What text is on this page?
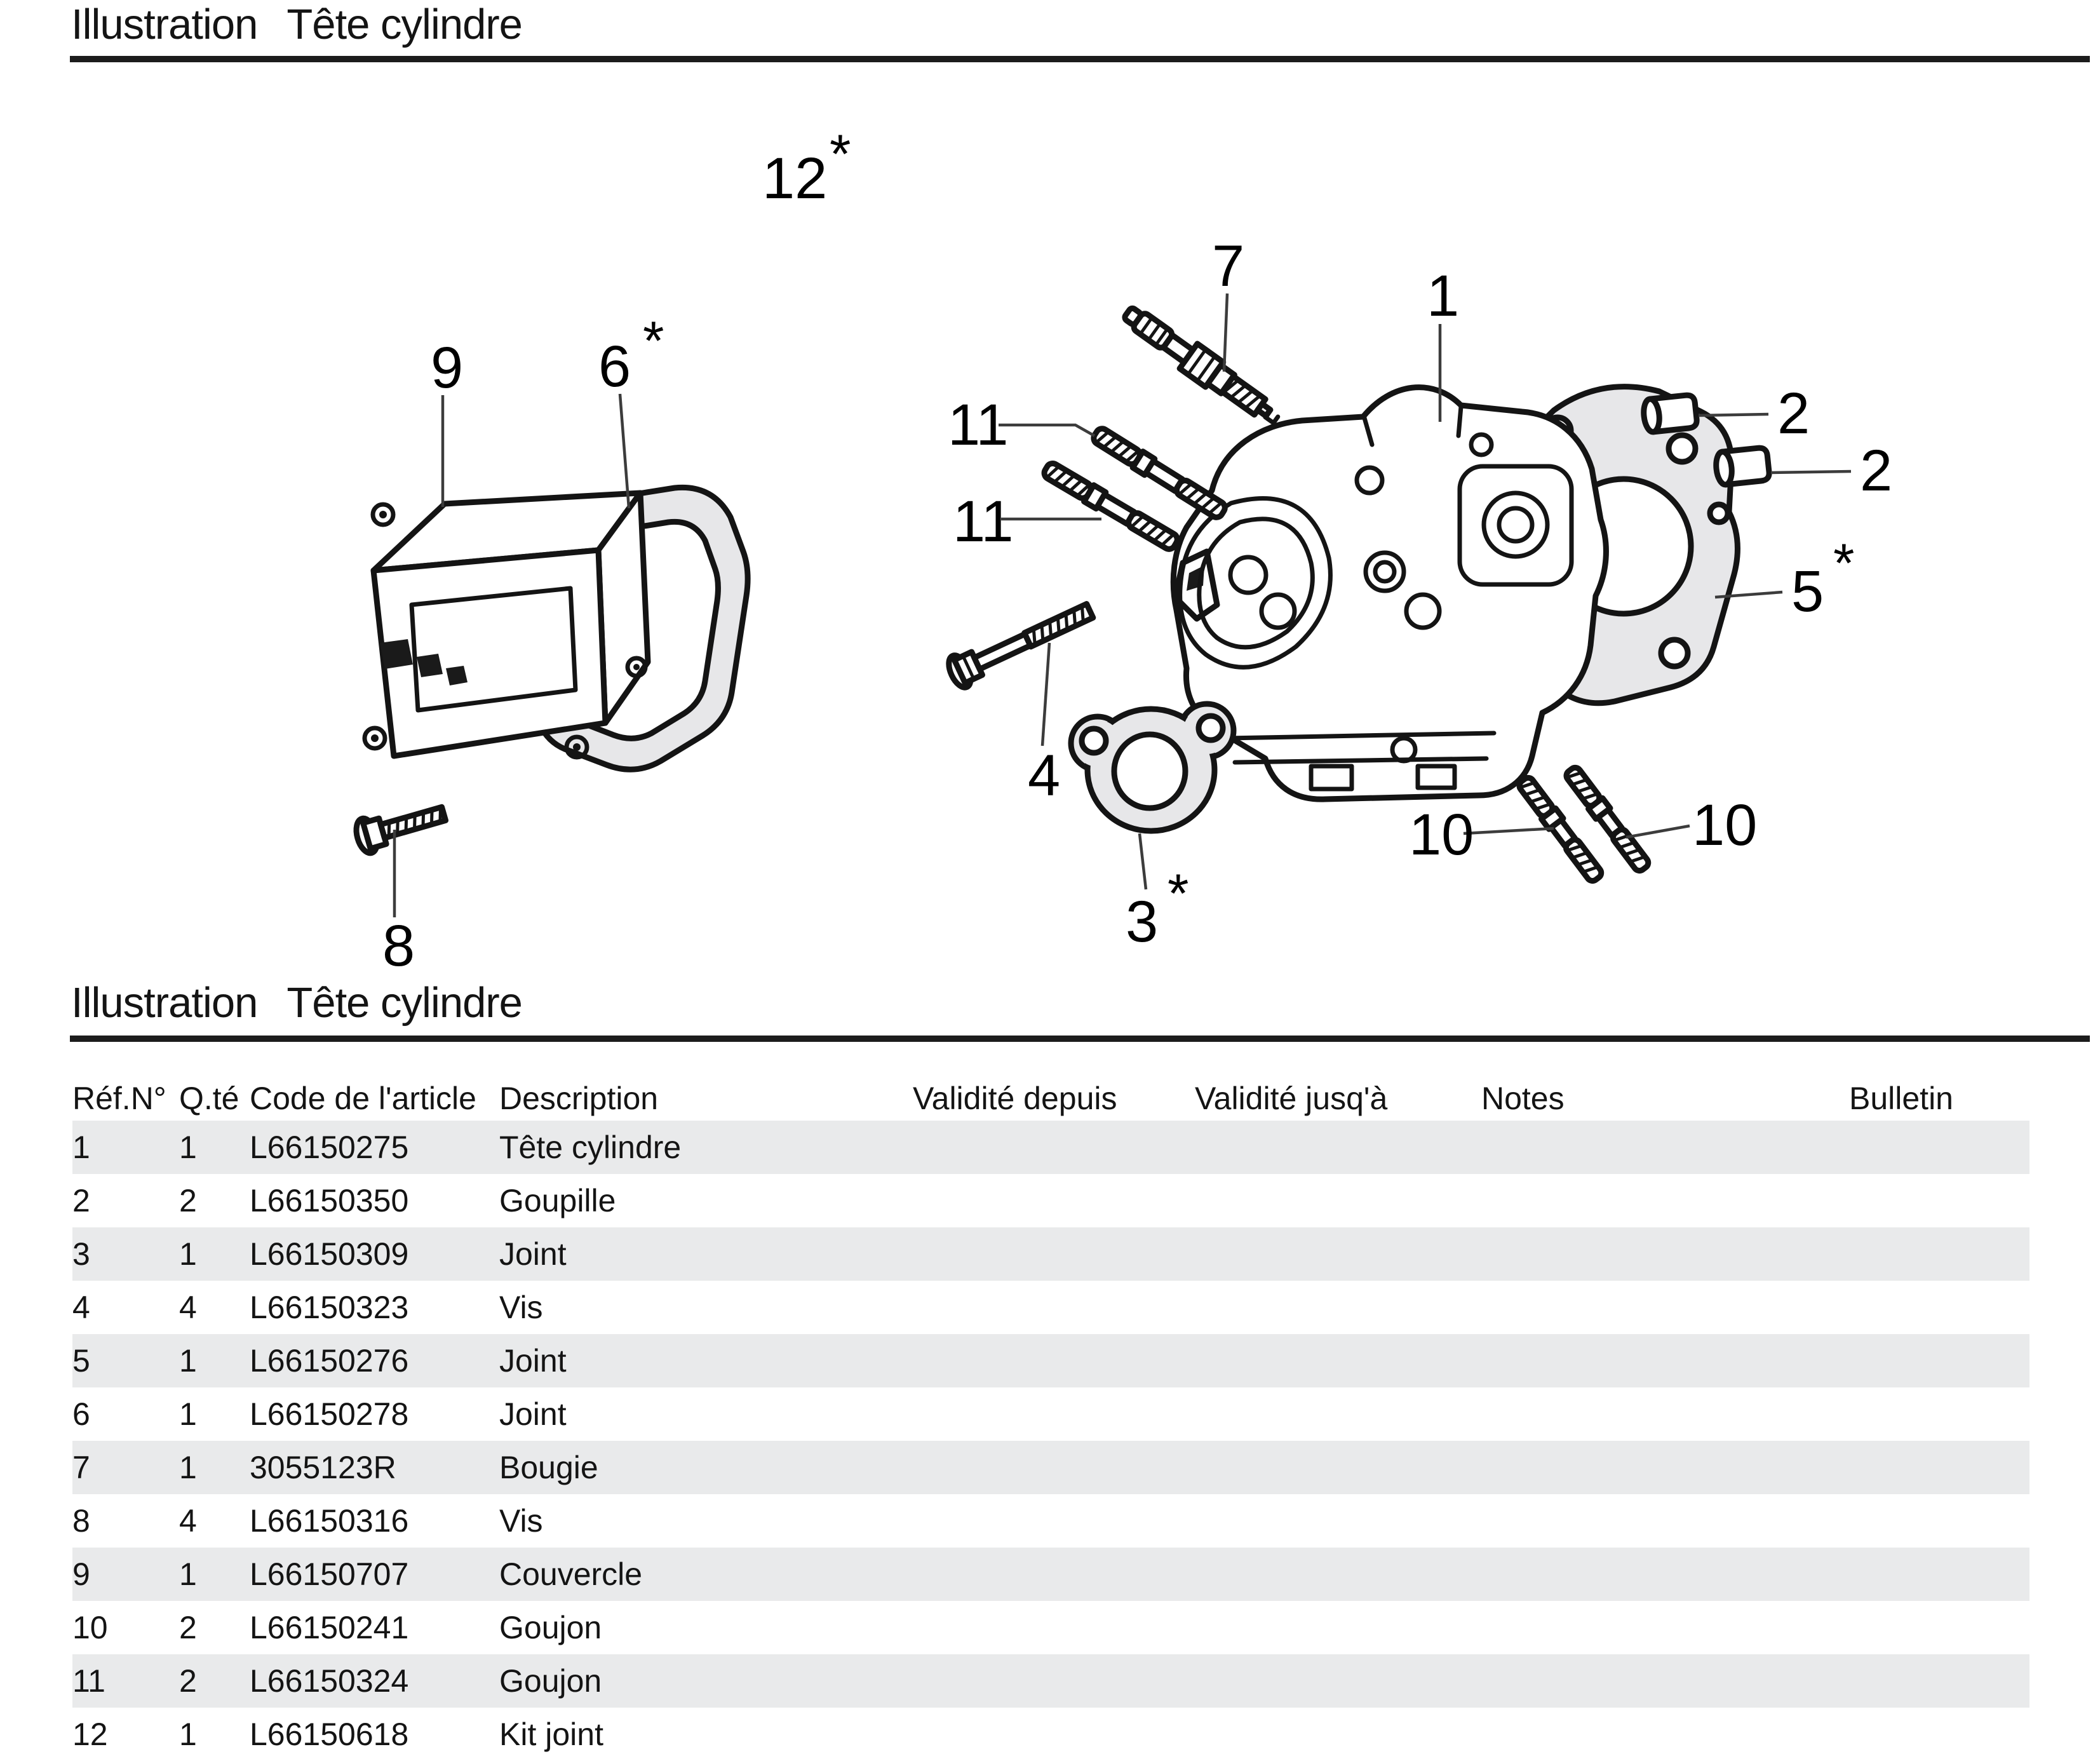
Illustration Tête cylindre
12 *
9 6 *
7	1
2
2
5 *
11
11
4
3 *
8
10	10
Illustration Tête cylindre
Réf.N°	Q.té	Code de l'article	Description	Validité depuis	Validité jusq'à	Notes	Bulletin
1	1	L66150275	Tête cylindre				
2	2	L66150350	Goupille				
3	1	L66150309	Joint				
4	4	L66150323	Vis				
5	1	L66150276	Joint				
6	1	L66150278	Joint				
7	1	3055123R	Bougie				
8	4	L66150316	Vis				
9	1	L66150707	Couvercle				
10	2	L66150241	Goujon				
11	2	L66150324	Goujon				
12	1	L66150618	Kit joint				
